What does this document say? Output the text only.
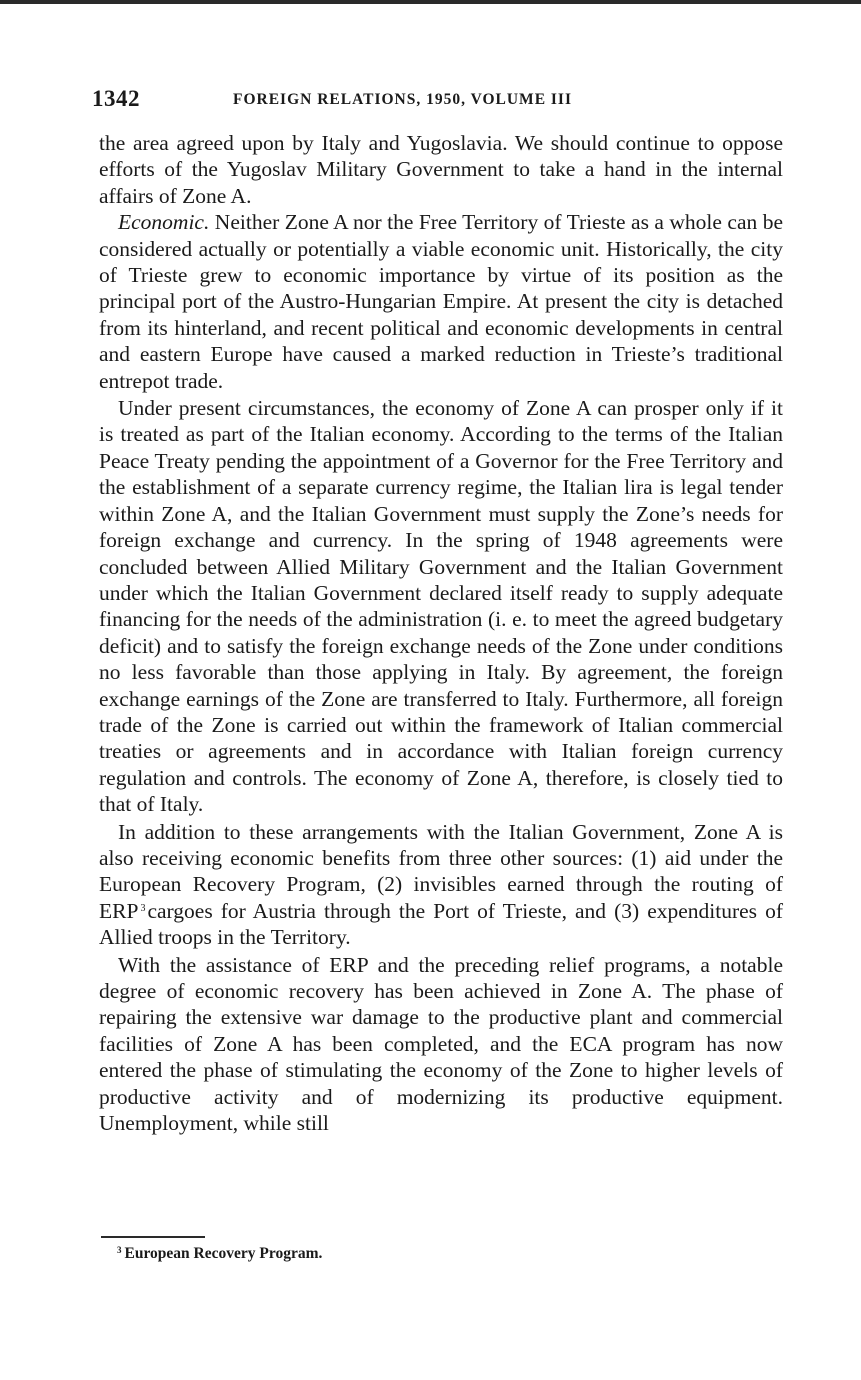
1342	FOREIGN RELATIONS, 1950, VOLUME III

the area agreed upon by Italy and Yugoslavia. We should continue to oppose efforts of the Yugoslav Military Government to take a hand in the internal affairs of Zone A.

Economic. Neither Zone A nor the Free Territory of Trieste as a whole can be considered actually or potentially a viable economic unit. Historically, the city of Trieste grew to economic importance by virtue of its position as the principal port of the Austro-Hungarian Empire. At present the city is detached from its hinterland, and recent political and economic developments in central and eastern Europe have caused a marked reduction in Trieste’s traditional entrepot trade.

Under present circumstances, the economy of Zone A can prosper only if it is treated as part of the Italian economy. According to the terms of the Italian Peace Treaty pending the appointment of a Governor for the Free Territory and the establishment of a separate currency regime, the Italian lira is legal tender within Zone A, and the Italian Government must supply the Zone’s needs for foreign exchange and currency. In the spring of 1948 agreements were concluded between Allied Military Government and the Italian Government under which the Italian Government declared itself ready to supply adequate financing for the needs of the administration (i. e. to meet the agreed budgetary deficit) and to satisfy the foreign exchange needs of the Zone under conditions no less favorable than those applying in Italy. By agreement, the foreign exchange earnings of the Zone are transferred to Italy. Furthermore, all foreign trade of the Zone is carried out within the framework of Italian commercial treaties or agreements and in accordance with Italian foreign currency regulation and controls. The economy of Zone A, therefore, is closely tied to that of Italy.

In addition to these arrangements with the Italian Government, Zone A is also receiving economic benefits from three other sources: (1) aid under the European Recovery Program, (2) invisibles earned through the routing of ERP $^3$cargoes for Austria through the Port of Trieste, and (3) expenditures of Allied troops in the Territory.

With the assistance of ERP and the preceding relief programs, a notable degree of economic recovery has been achieved in Zone A. The phase of repairing the extensive war damage to the productive plant and commercial facilities of Zone A has been completed, and the ECA program has now entered the phase of stimulating the economy of the Zone to higher levels of productive activity and of modernizing its productive equipment. Unemployment, while still

$^3$ European Recovery Program.
